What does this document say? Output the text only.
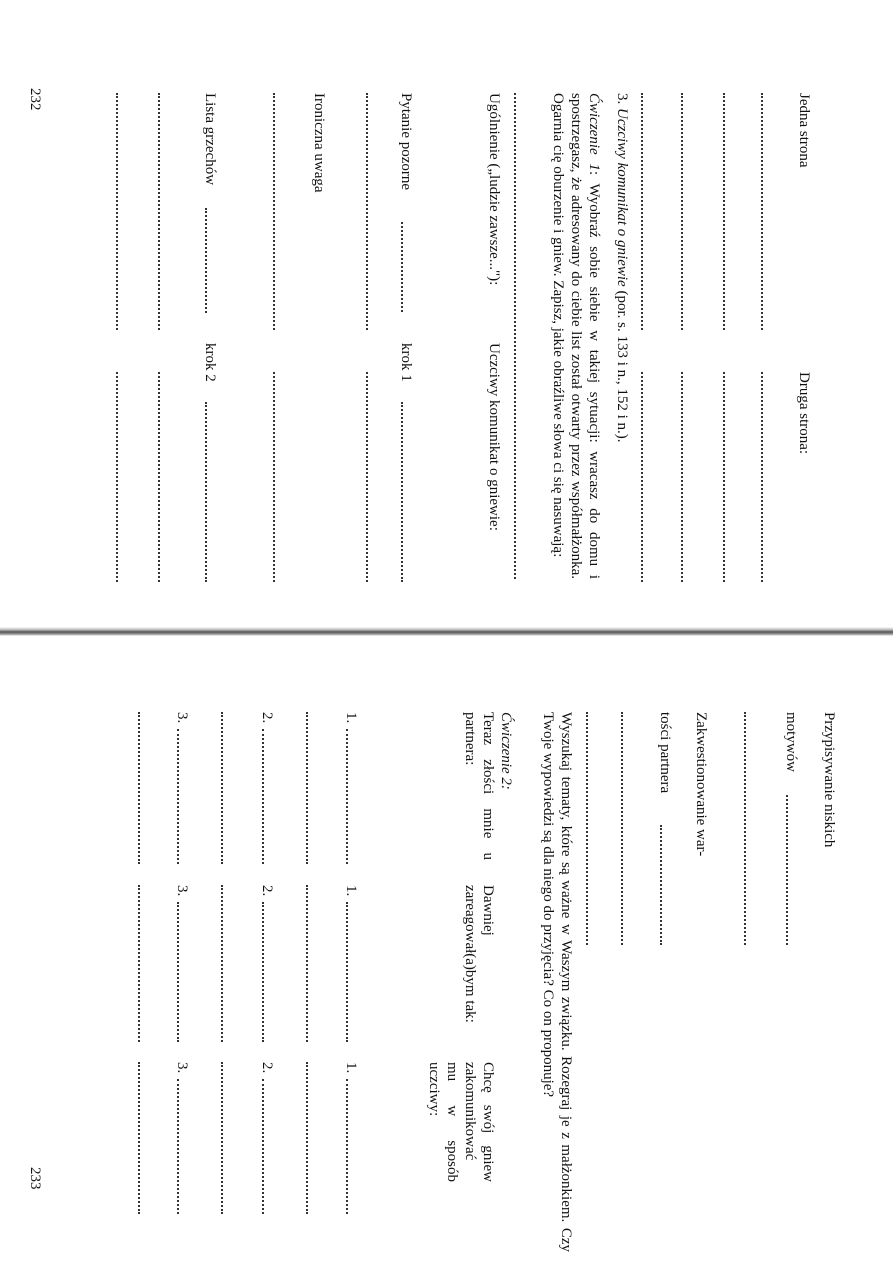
Jedna strona
Druga strona:
3. Uczciwy komunikat o gniewie (por. s. 133 i n., 152 i n.).
Ćwiczenie 1: Wyobraź sobie siebie w takiej sytuacji: wracasz do domu i spostrzegasz, że adresowany do ciebie list został otwarty przez współmałżonka. Ogarnia cię oburzenie i gniew. Zapisz, jakie obraźliwe słowa ci się nasuwają:
Ugólnienie („ludzie zawsze..."):
Uczciwy komunikat o gniewie:
Pytanie pozorne
krok 1
Ironiczna uwaga
Lista grzechów
krok 2
232
Przypisywanie niskich
motywów
Zakwestionowanie war-
tości partnera
Wyszukaj tematy, które są ważne w Waszym związku. Rozegraj je z małżonkiem. Czy Twoje wypowiedzi są dla niego do przyjęcia? Co on proponuje?
Ćwiczenie 2:
Teraz złości mnie u partnera:
Dawniej zareagował(a)bym tak:
Chcę swój gniew zakomunikować mu w sposób uczciwy:
1.
1.
1.
2.
2.
2.
3.
3.
3.
233
